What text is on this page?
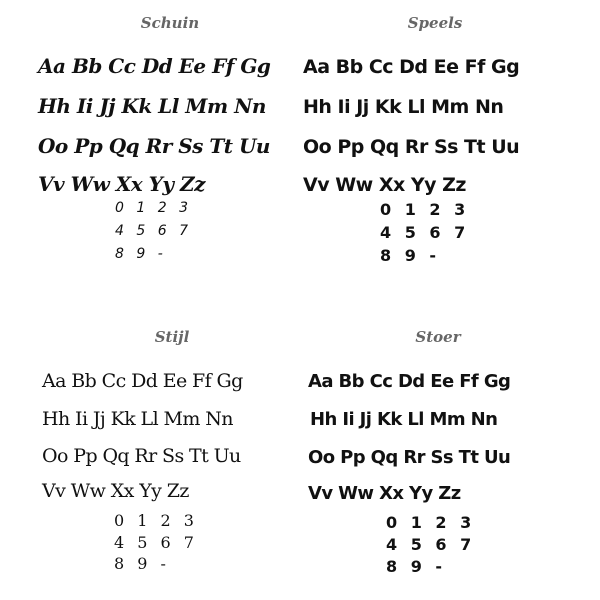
Schuin
Aa Bb Cc Dd Ee Ff Gg
Hh Ii Jj Kk Ll Mm Nn
Oo Pp Qq Rr Ss Tt Uu
Vv Ww Xx Yy Zz
0 1 2 3
4 5 6 7
8 9 -
Speels
Aa Bb Cc Dd Ee Ff Gg
Hh Ii Jj Kk Ll Mm Nn
Oo Pp Qq Rr Ss Tt Uu
Vv Ww Xx Yy Zz
0 1 2 3
4 5 6 7
8 9 -
Stijl
Aa Bb Cc Dd Ee Ff Gg
Hh Ii Jj Kk Ll Mm Nn
Oo Pp Qq Rr Ss Tt Uu
Vv Ww Xx Yy Zz
0 1 2 3
4 5 6 7
8 9 -
Stoer
Aa Bb Cc Dd Ee Ff Gg
Hh Ii Jj Kk Ll Mm Nn
Oo Pp Qq Rr Ss Tt Uu
Vv Ww Xx Yy Zz
0 1 2 3
4 5 6 7
8 9 -
